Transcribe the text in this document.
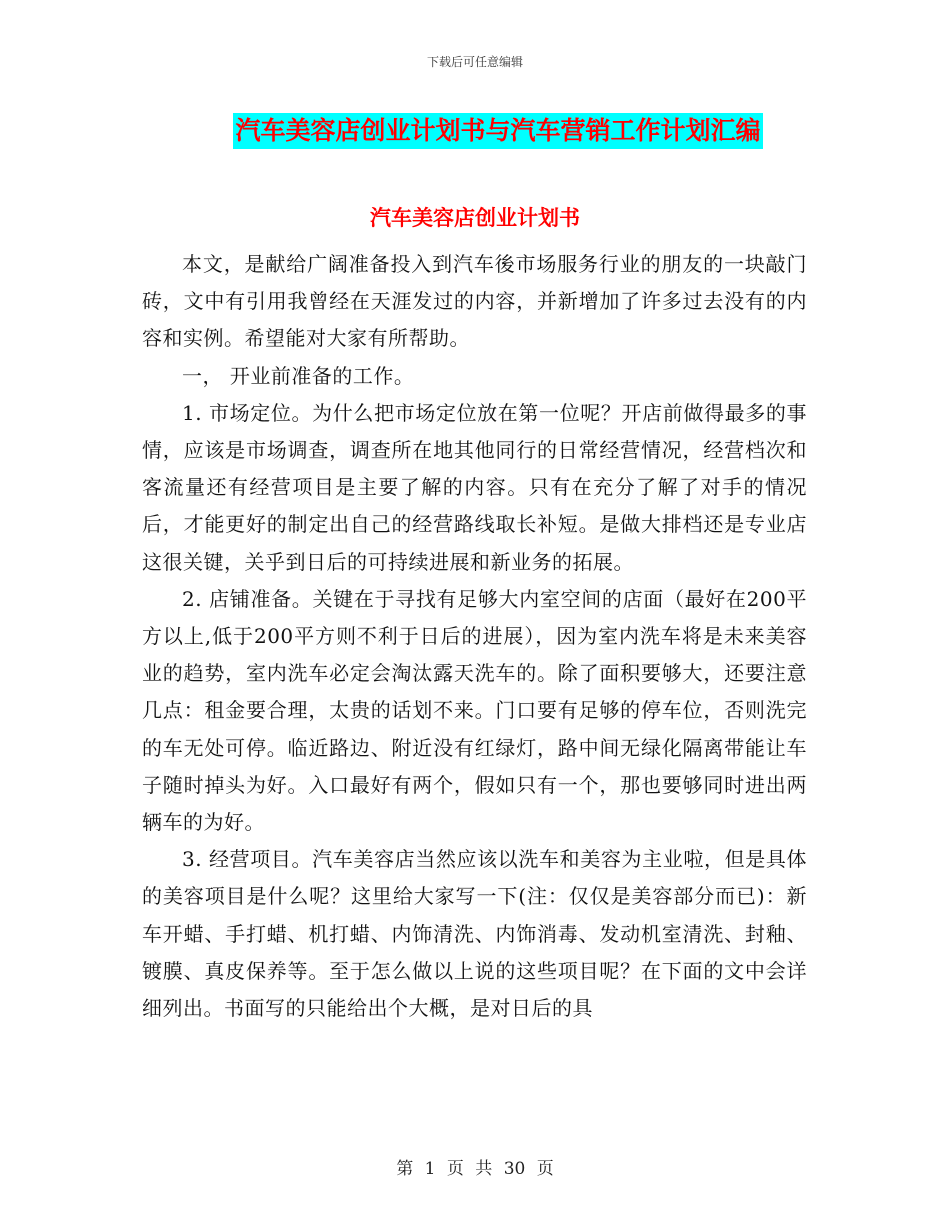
下载后可任意编辑
汽车美容店创业计划书与汽车营销工作计划汇编
汽车美容店创业计划书

本文，是献给广阔准备投入到汽车後市场服务行业的朋友的一块敲门砖，文中有引用我曾经在天涯发过的内容，并新增加了许多过去没有的内容和实例。希望能对大家有所帮助。

一， 开业前准备的工作。

1. 市场定位。为什么把市场定位放在第一位呢？开店前做得最多的事情，应该是市场调查，调查所在地其他同行的日常经营情况，经营档次和客流量还有经营项目是主要了解的内容。只有在充分了解了对手的情况后，才能更好的制定出自己的经营路线取长补短。是做大排档还是专业店这很关键，关乎到日后的可持续进展和新业务的拓展。

2. 店铺准备。关键在于寻找有足够大内室空间的店面（最好在200平方以上,低于200平方则不利于日后的进展），因为室内洗车将是未来美容业的趋势，室内洗车必定会淘汰露天洗车的。除了面积要够大，还要注意几点：租金要合理，太贵的话划不来。门口要有足够的停车位，否则洗完的车无处可停。临近路边、附近没有红绿灯，路中间无绿化隔离带能让车子随时掉头为好。入口最好有两个，假如只有一个，那也要够同时进出两辆车的为好。

3. 经营项目。汽车美容店当然应该以洗车和美容为主业啦，但是具体的美容项目是什么呢？这里给大家写一下(注：仅仅是美容部分而已)：新车开蜡、手打蜡、机打蜡、内饰清洗、内饰消毒、发动机室清洗、封釉、镀膜、真皮保养等。至于怎么做以上说的这些项目呢？在下面的文中会详细列出。书面写的只能给出个大概，是对日后的具

第 1 页 共 30 页
